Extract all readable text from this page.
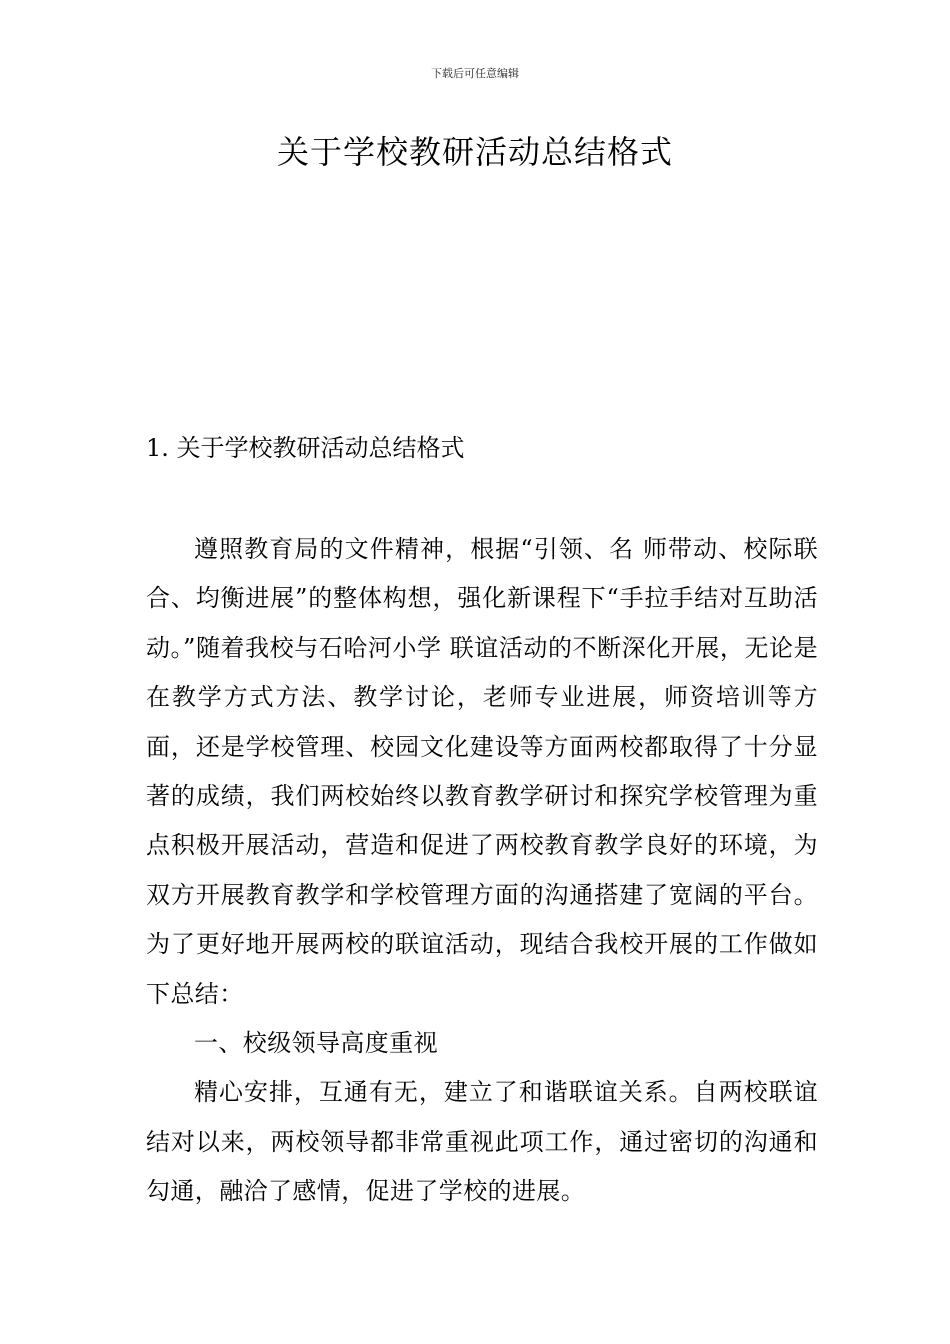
下载后可任意编辑
关于学校教研活动总结格式
1. 关于学校教研活动总结格式

遵照教育局的文件精神，根据“引领、名 师带动、校际联合、均衡进展”的整体构想，强化新课程下“手拉手结对互助活动。”随着我校与石哈河小学 联谊活动的不断深化开展，无论是在教学方式方法、教学讨论，老师专业进展，师资培训等方面，还是学校管理、校园文化建设等方面两校都取得了十分显著的成绩，我们两校始终以教育教学研讨和探究学校管理为重点积极开展活动，营造和促进了两校教育教学良好的环境，为双方开展教育教学和学校管理方面的沟通搭建了宽阔的平台。为了更好地开展两校的联谊活动，现结合我校开展的工作做如下总结：

一、校级领导高度重视

精心安排，互通有无，建立了和谐联谊关系。自两校联谊结对以来，两校领导都非常重视此项工作，通过密切的沟通和勾通，融洽了感情，促进了学校的进展。
